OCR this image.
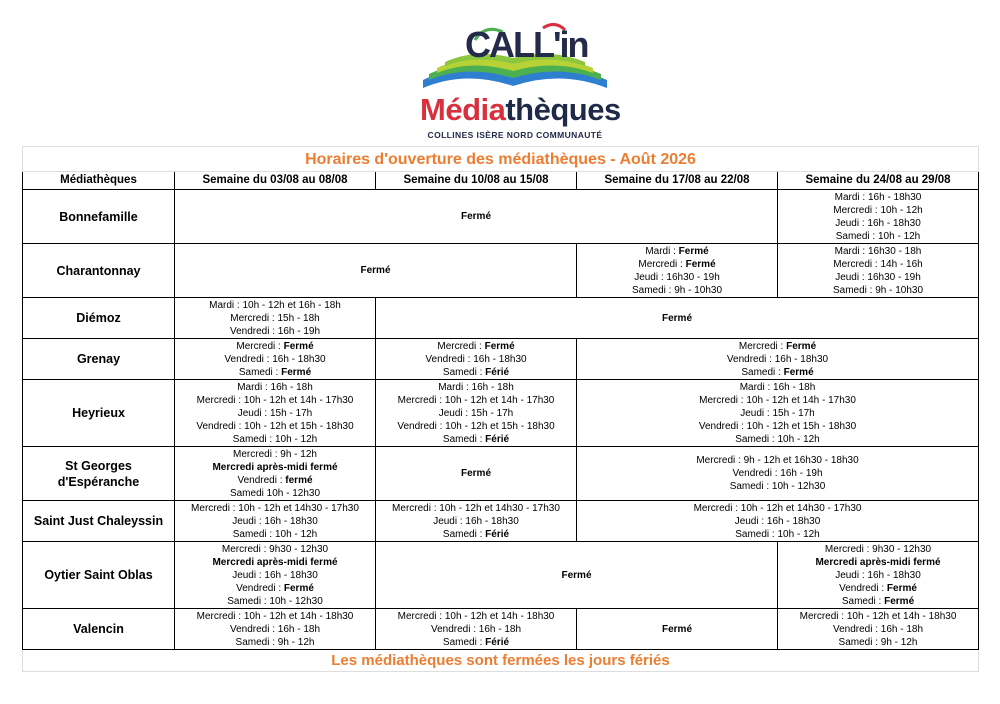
CALL'in
Médiathèques
COLLINES ISÈRE NORD COMMUNAUTÉ
Horaires d'ouverture des médiathèques - Août 2026				
Médiathèques	Semaine du 03/08 au 08/08	Semaine du 10/08 au 15/08	Semaine du 17/08 au 22/08	Semaine du 24/08 au 29/08
Bonnefamille	Fermé			Mardi : 16h - 18h30
Mercredi : 10h - 12h
Jeudi : 16h - 18h30
Samedi : 10h - 12h

Charantonnay	Fermé		Mardi : Fermé
Mercredi : Fermé
Jeudi : 16h30 - 19h
Samedi : 9h - 10h30	Mardi : 16h30 - 18h
Mercredi : 14h - 16h
Jeudi : 16h30 - 19h
Samedi : 9h - 10h30

Diémoz	Mardi : 10h - 12h et 16h - 18h
Mercredi : 15h - 18h
Vendredi : 16h - 19h	Fermé		

Grenay	Mercredi : Fermé
Vendredi : 16h - 18h30
Samedi : Fermé	Mercredi : Fermé
Vendredi : 16h - 18h30
Samedi : Férié	Mercredi : Fermé
Vendredi : 16h - 18h30
Samedi : Fermé	

Heyrieux	Mardi : 16h - 18h
Mercredi : 10h - 12h et 14h - 17h30
Jeudi : 15h - 17h
Vendredi : 10h - 12h et 15h - 18h30
Samedi : 10h - 12h	Mardi : 16h - 18h
Mercredi : 10h - 12h et 14h - 17h30
Jeudi : 15h - 17h
Vendredi : 10h - 12h et 15h - 18h30
Samedi : Férié	Mardi : 16h - 18h
Mercredi : 10h - 12h et 14h - 17h30
Jeudi : 15h - 17h
Vendredi : 10h - 12h et 15h - 18h30
Samedi : 10h - 12h	

St Georges d'Espéranche	Mercredi : 9h - 12h
Mercredi après-midi fermé
Vendredi : fermé
Samedi 10h - 12h30	Fermé	Mercredi : 9h - 12h et 16h30 - 18h30
Vendredi : 16h - 19h
Samedi : 10h - 12h30	

Saint Just Chaleyssin	Mercredi : 10h - 12h et 14h30 - 17h30
Jeudi : 16h - 18h30
Samedi : 10h - 12h	Mercredi : 10h - 12h et 14h30 - 17h30
Jeudi : 16h - 18h30
Samedi : Férié	Mercredi : 10h - 12h et 14h30 - 17h30
Jeudi : 16h - 18h30
Samedi : 10h - 12h	

Oytier Saint Oblas	Mercredi : 9h30 - 12h30
Mercredi après-midi fermé
Jeudi : 16h - 18h30
Vendredi : Fermé
Samedi : 10h - 12h30	Fermé		Mercredi : 9h30 - 12h30
Mercredi après-midi fermé
Jeudi : 16h - 18h30
Vendredi : Fermé
Samedi : Fermé

Valencin	Mercredi : 10h - 12h et 14h - 18h30
Vendredi : 16h - 18h
Samedi : 9h - 12h	Mercredi : 10h - 12h et 14h - 18h30
Vendredi : 16h - 18h
Samedi : Férié	Fermé	Mercredi : 10h - 12h et 14h - 18h30
Vendredi : 16h - 18h
Samedi : 9h - 12h

Les médiathèques sont fermées les jours fériés				
